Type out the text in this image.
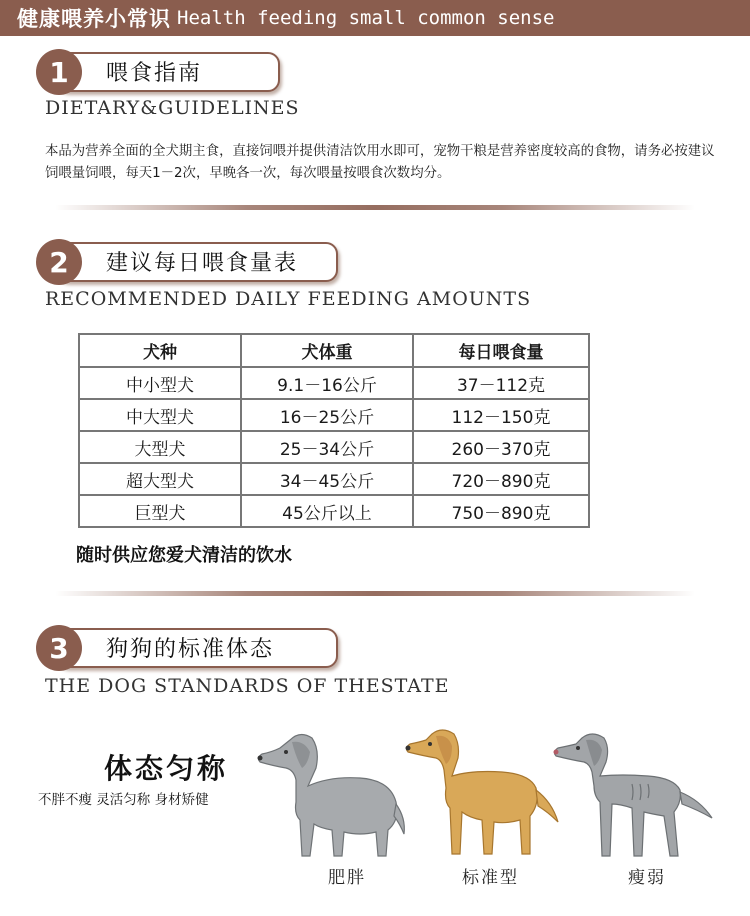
健康喂养小常识 Health feeding small common sense
1	喂食指南
DIETARY&GUIDELINES

本品为营养全面的全犬期主食，直接饲喂并提供清洁饮用水即可，宠物干粮是营养密度较高的食物，请务必按建议饲喂量饲喂，每天1－2次，早晚各一次，每次喂量按喂食次数均分。

2	建议每日喂食量表
RECOMMENDED DAILY FEEDING AMOUNTS
犬种	犬体重	每日喂食量
中小型犬	9.1－16公斤	37－112克
中大型犬	16－25公斤	112－150克
大型犬	25－34公斤	260－370克
超大型犬	34－45公斤	720－890克
巨型犬	45公斤以上	750－890克
随时供应您爱犬清洁的饮水
3	狗狗的标准体态
THE DOG STANDARDS OF THESTATE
体态匀称
不胖不瘦 灵活匀称 身材矫健
肥胖	标准型	瘦弱
